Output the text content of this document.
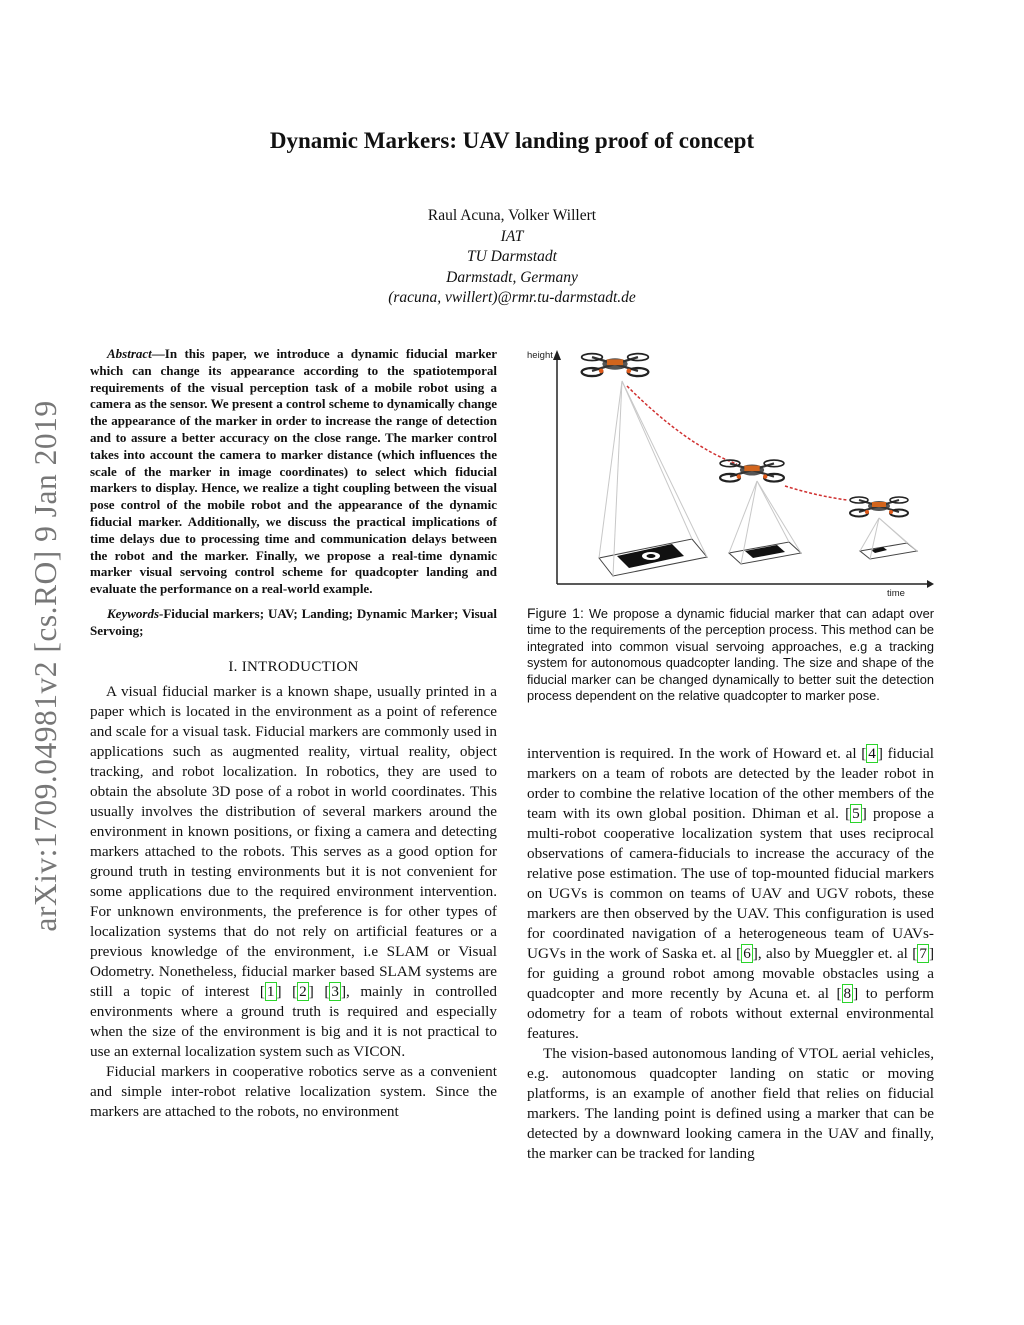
arXiv:1709.04981v2 [cs.RO] 9 Jan 2019
Dynamic Markers: UAV landing proof of concept
Raul Acuna, Volker Willert
IAT
TU Darmstadt
Darmstadt, Germany
(racuna, vwillert)@rmr.tu-darmstadt.de

Abstract—In this paper, we introduce a dynamic fiducial marker which can change its appearance according to the spatiotemporal requirements of the visual perception task of a mobile robot using a camera as the sensor. We present a control scheme to dynamically change the appearance of the marker in order to increase the range of detection and to assure a better accuracy on the close range. The marker control takes into account the camera to marker distance (which influences the scale of the marker in image coordinates) to select which fiducial markers to display. Hence, we realize a tight coupling between the visual pose control of the mobile robot and the appearance of the dynamic fiducial marker. Additionally, we discuss the practical implications of time delays due to processing time and communication delays between the robot and the marker. Finally, we propose a real-time dynamic marker visual servoing control scheme for quadcopter landing and evaluate the performance on a real-world example.

Keywords-Fiducial markers; UAV; Landing; Dynamic Marker; Visual Servoing;

I. INTRODUCTION

A visual fiducial marker is a known shape, usually printed in a paper which is located in the environment as a point of reference and scale for a visual task. Fiducial markers are commonly used in applications such as augmented reality, virtual reality, object tracking, and robot localization. In robotics, they are used to obtain the absolute 3D pose of a robot in world coordinates. This usually involves the distribution of several markers around the environment in known positions, or fixing a camera and detecting markers attached to the robots. This serves as a good option for ground truth in testing environments but it is not convenient for some applications due to the required environment intervention. For unknown environments, the preference is for other types of localization systems that do not rely on artificial features or a previous knowledge of the environment, i.e SLAM or Visual Odometry. Nonetheless, fiducial marker based SLAM systems are still a topic of interest [ 1 ] [ 2 ] [ 3 ], mainly in controlled environments where a ground truth is required and especially when the size of the environment is big and it is not practical to use an external localization system such as VICON.

Fiducial markers in cooperative robotics serve as a convenient and simple inter-robot relative localization system. Since the markers are attached to the robots, no environment

height
time

Figure 1: We propose a dynamic fiducial marker that can adapt over time to the requirements of the perception process. This method can be integrated into common visual servoing approaches, e.g a tracking system for autonomous quadcopter landing. The size and shape of the fiducial marker can be changed dynamically to better suit the detection process dependent on the relative quadcopter to marker pose.

intervention is required. In the work of Howard et. al [ 4 ] fiducial markers on a team of robots are detected by the leader robot in order to combine the relative location of the other members of the team with its own global position. Dhiman et al. [ 5 ] propose a multi-robot cooperative localization system that uses reciprocal observations of camera-fiducials to increase the accuracy of the relative pose estimation. The use of top-mounted fiducial markers on UGVs is common on teams of UAV and UGV robots, these markers are then observed by the UAV. This configuration is used for coordinated navigation of a heterogeneous team of UAVs-UGVs in the work of Saska et. al [ 6 ], also by Mueggler et. al [ 7 ] for guiding a ground robot among movable obstacles using a quadcopter and more recently by Acuna et. al [ 8 ] to perform odometry for a team of robots without external environmental features.

The vision-based autonomous landing of VTOL aerial vehicles, e.g. autonomous quadcopter landing on static or moving platforms, is an example of another field that relies on fiducial markers. The landing point is defined using a marker that can be detected by a downward looking camera in the UAV and finally, the marker can be tracked for landing
